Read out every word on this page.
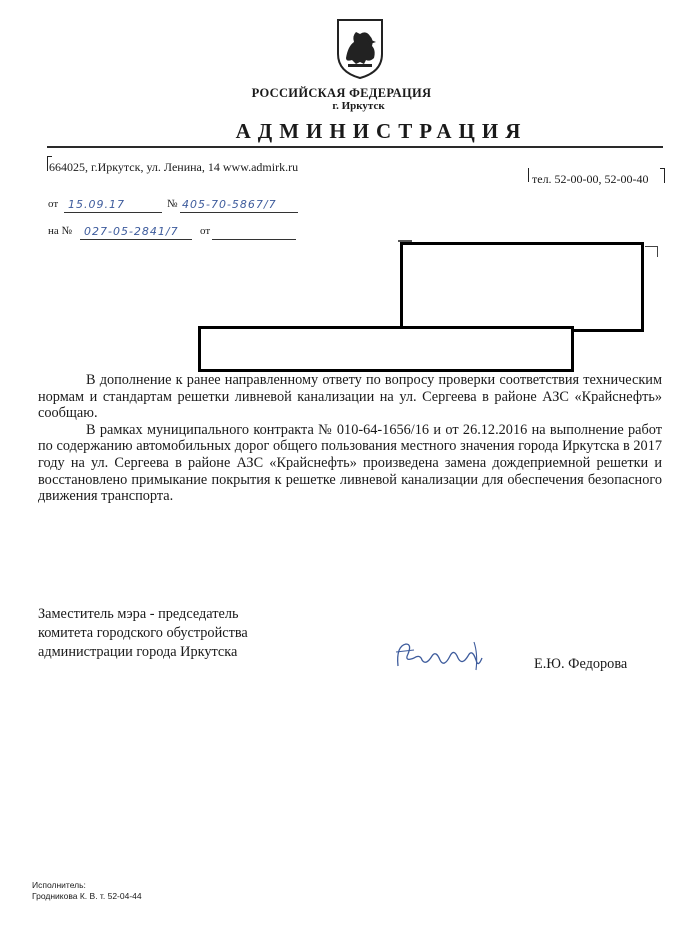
РОССИЙСКАЯ ФЕДЕРАЦИЯ
г. Иркутск
АДМИНИСТРАЦИЯ
664025, г.Иркутск, ул. Ленина, 14 www.admirk.ru
тел. 52-00-00, 52-00-40
от 15.09.17	№ 405-70-5867/7
на № 027-05-2841/7 от

В дополнение к ранее направленному ответу по вопросу проверки соответствия техническим нормам и стандартам решетки ливневой канализации на ул. Сергеева в районе АЗС «Крайснефть» сообщаю.

В рамках муниципального контракта № 010-64-1656/16 и от 26.12.2016 на выполнение работ по содержанию автомобильных дорог общего пользования местного значения города Иркутска в 2017 году на ул. Сергеева в районе АЗС «Крайснефть» произведена замена дождеприемной решетки и восстановлено примыкание покрытия к решетке ливневой канализации для обеспечения безопасного движения транспорта.

Заместитель мэра - председатель
комитета городского обустройства
администрации города Иркутска
Е.Ю. Федорова
Исполнитель:
Гродникова К. В. т. 52-04-44
